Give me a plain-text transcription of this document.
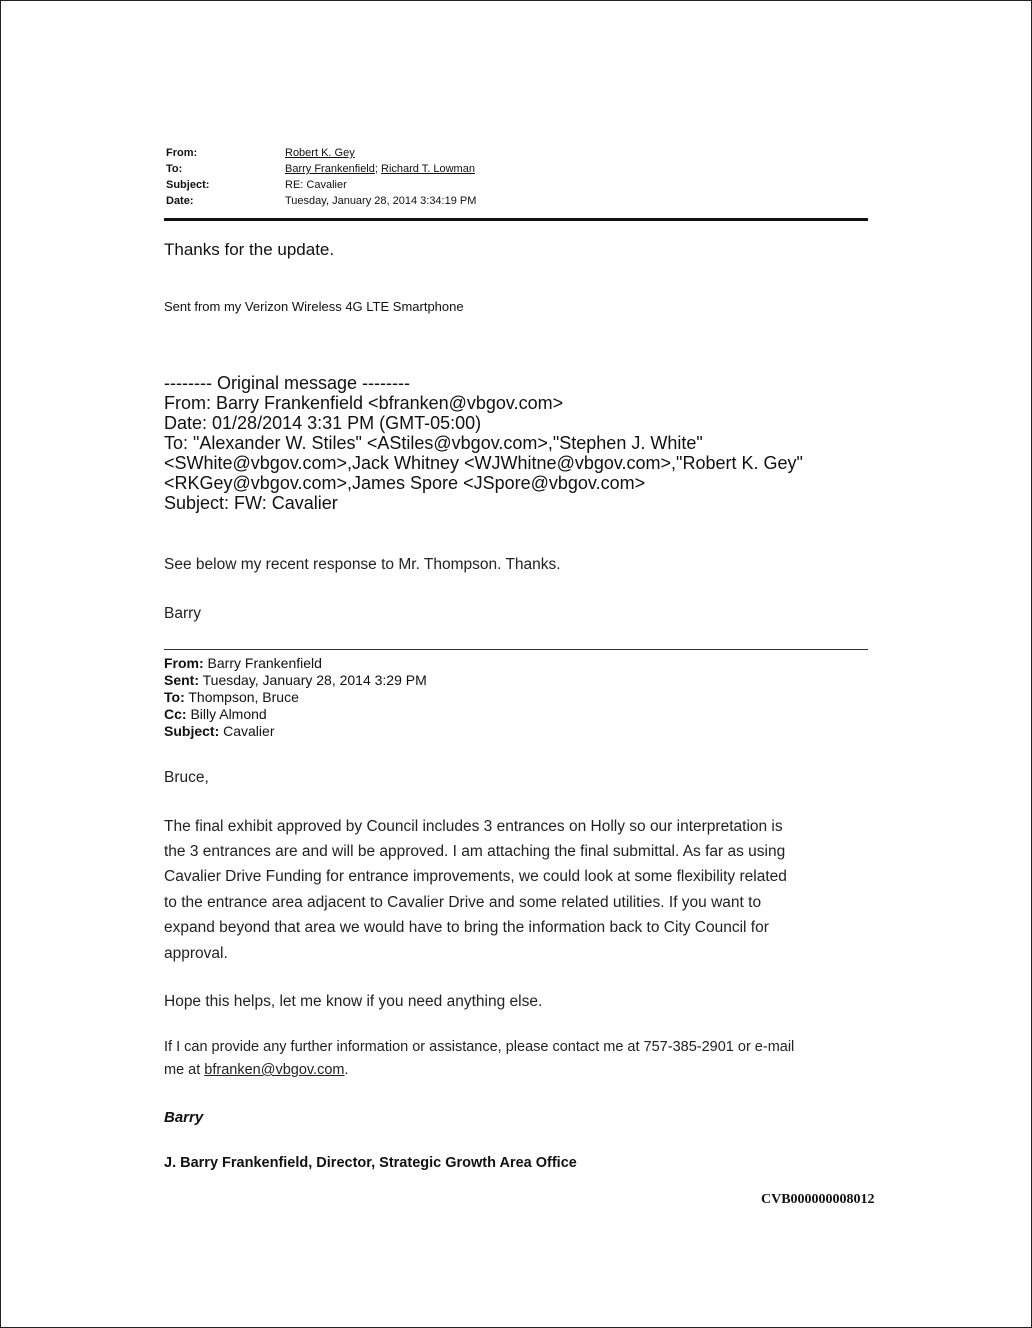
From:	Robert K. Gey
To:	Barry Frankenfield; Richard T. Lowman
Subject:	RE: Cavalier
Date:	Tuesday, January 28, 2014 3:34:19 PM
Thanks for the update.
Sent from my Verizon Wireless 4G LTE Smartphone
-------- Original message --------
From: Barry Frankenfield <bfranken@vbgov.com>
Date: 01/28/2014 3:31 PM (GMT-05:00)
To: "Alexander W. Stiles" <AStiles@vbgov.com>,"Stephen J. White"
<SWhite@vbgov.com>,Jack Whitney <WJWhitne@vbgov.com>,"Robert K. Gey"
<RKGey@vbgov.com>,James Spore <JSpore@vbgov.com>
Subject: FW: Cavalier
See below my recent response to Mr. Thompson. Thanks.
Barry
From: Barry Frankenfield
Sent: Tuesday, January 28, 2014 3:29 PM
To: Thompson, Bruce
Cc: Billy Almond
Subject: Cavalier
Bruce,
The final exhibit approved by Council includes 3 entrances on Holly so our interpretation is
the 3 entrances are and will be approved. I am attaching the final submittal. As far as using
Cavalier Drive Funding for entrance improvements, we could look at some flexibility related
to the entrance area adjacent to Cavalier Drive and some related utilities. If you want to
expand beyond that area we would have to bring the information back to City Council for
approval.
Hope this helps, let me know if you need anything else.
If I can provide any further information or assistance, please contact me at 757-385-2901 or e-mail
me at bfranken@vbgov.com.
Barry
J. Barry Frankenfield, Director, Strategic Growth Area Office
CVB000000008012
